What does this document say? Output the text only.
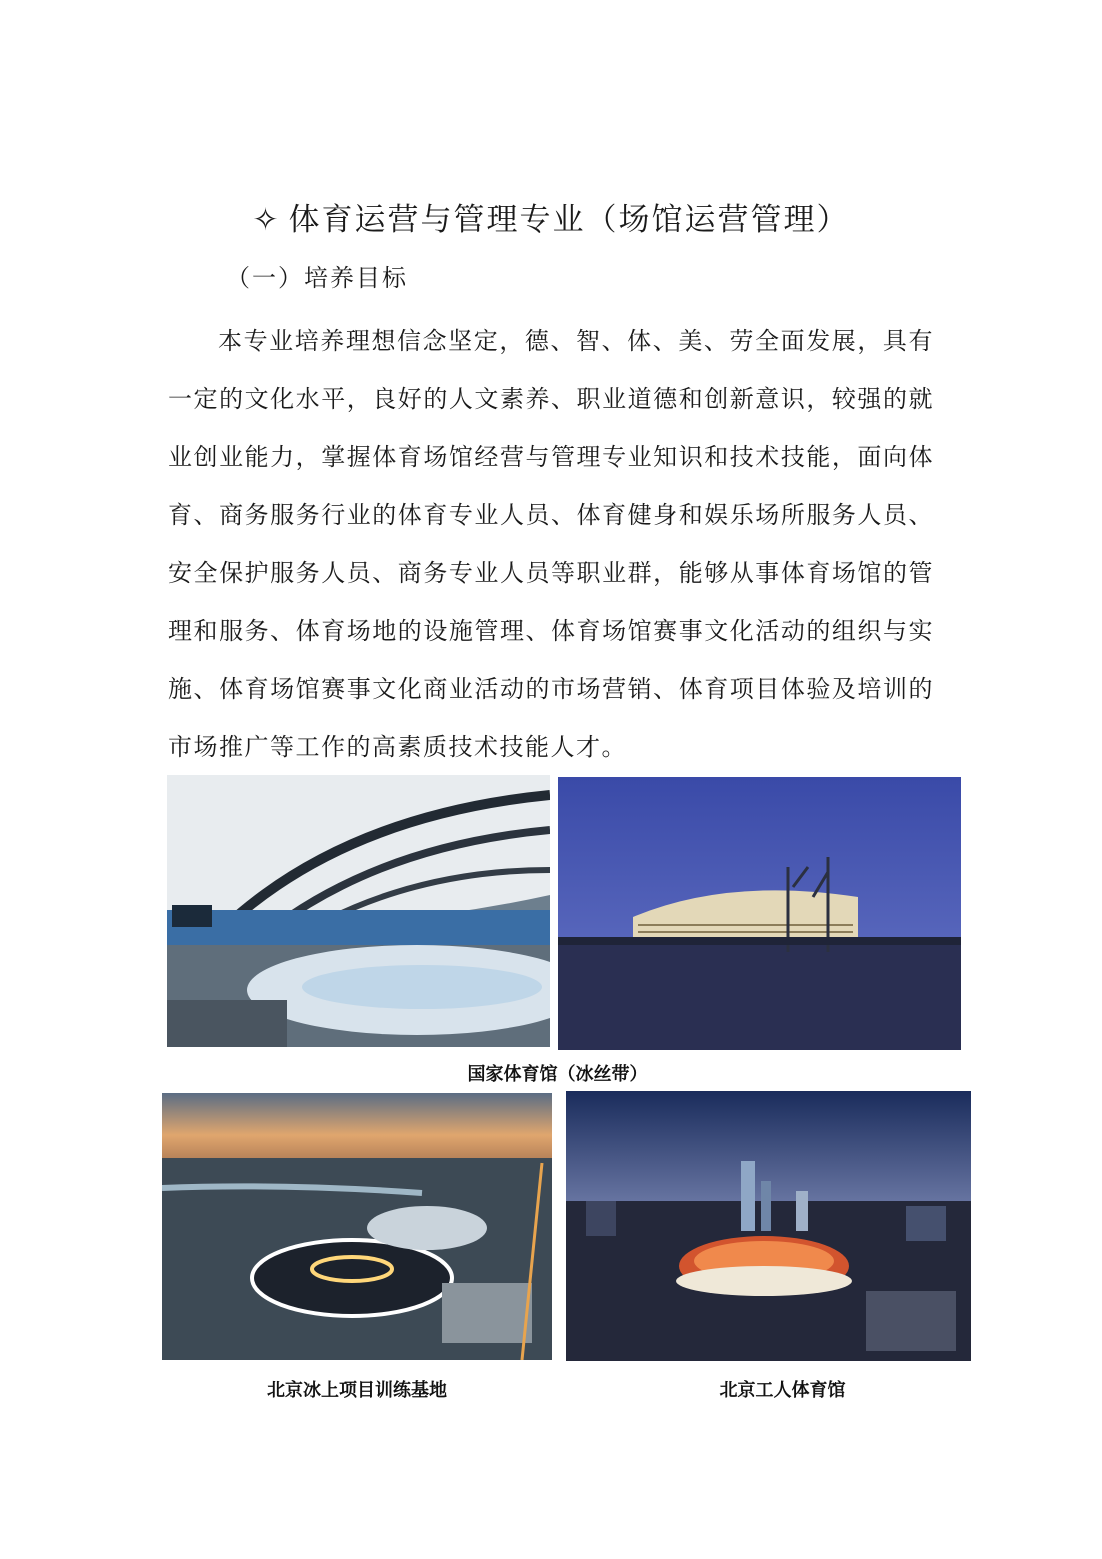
✧ 体育运营与管理专业（场馆运营管理）
（一）培养目标

本专业培养理想信念坚定，德、智、体、美、劳全面发展，具有一定的文化水平，良好的人文素养、职业道德和创新意识，较强的就业创业能力，掌握体育场馆经营与管理专业知识和技术技能，面向体育、商务服务行业的体育专业人员、体育健身和娱乐场所服务人员、安全保护服务人员、商务专业人员等职业群，能够从事体育场馆的管理和服务、体育场地的设施管理、体育场馆赛事文化活动的组织与实施、体育场馆赛事文化商业活动的市场营销、体育项目体验及培训的市场推广等工作的高素质技术技能人才。

国家体育馆（冰丝带）
北京冰上项目训练基地	北京工人体育馆
